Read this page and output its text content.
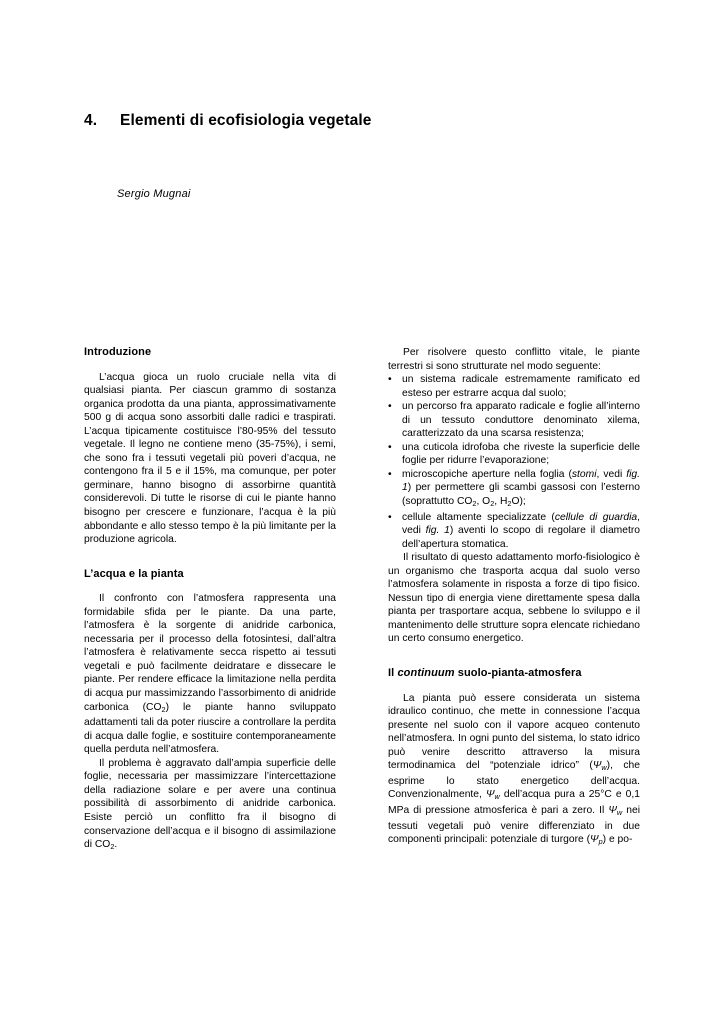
4. Elementi di ecofisiologia vegetale
Sergio Mugnai
Introduzione

L’acqua gioca un ruolo cruciale nella vita di qualsiasi pianta. Per ciascun grammo di sostanza organica prodotta da una pianta, approssimativamente 500 g di acqua sono assorbiti dalle radici e traspirati. L’acqua tipicamente costituisce l’80-95% del tessuto vegetale. Il legno ne contiene meno (35-75%), i semi, che sono fra i tessuti vegetali più poveri d’acqua, ne contengono fra il 5 e il 15%, ma comunque, per poter germinare, hanno bisogno di assorbirne quantità considerevoli. Di tutte le risorse di cui le piante hanno bisogno per crescere e funzionare, l’acqua è la più abbondante e allo stesso tempo è la più limitante per la produzione agricola.

L’acqua e la pianta

Il confronto con l’atmosfera rappresenta una formidabile sfida per le piante. Da una parte, l’atmosfera è la sorgente di anidride carbonica, necessaria per il processo della fotosintesi, dall’altra l’atmosfera è relativamente secca rispetto ai tessuti vegetali e può facilmente deidratare e dissecare le piante. Per rendere efficace la limitazione nella perdita di acqua pur massimizzando l’assorbimento di anidride carbonica $(CO_2)$ le piante hanno sviluppato adattamenti tali da poter riuscire a controllare la perdita di acqua dalle foglie, e sostituire contemporaneamente quella perduta nell’atmosfera.

Il problema è aggravato dall’ampia superficie delle foglie, necessaria per massimizzare l’intercettazione della radiazione solare e per avere una continua possibilità di assorbimento di anidride carbonica. Esiste perciò un conflitto fra il bisogno di conservazione dell’acqua e il bisogno di assimilazione di $CO_2$.

Per risolvere questo conflitto vitale, le piante terrestri si sono strutturate nel modo seguente:

• un sistema radicale estremamente ramificato ed esteso per estrarre acqua dal suolo;
• un percorso fra apparato radicale e foglie all’interno di un tessuto conduttore denominato xilema, caratterizzato da una scarsa resistenza;
• una cuticola idrofoba che riveste la superficie delle foglie per ridurre l’evaporazione;
• microscopiche aperture nella foglia (stomi, vedi fig. 1) per permettere gli scambi gassosi con l’esterno (soprattutto $CO_2$, $O_2$, $H_2O$);
• cellule altamente specializzate (cellule di guardia, vedi fig. 1) aventi lo scopo di regolare il diametro dell’apertura stomatica.

Il risultato di questo adattamento morfo-fisiologico è un organismo che trasporta acqua dal suolo verso l’atmosfera solamente in risposta a forze di tipo fisico. Nessun tipo di energia viene direttamente spesa dalla pianta per trasportare acqua, sebbene lo sviluppo e il mantenimento delle strutture sopra elencate richiedano un certo consumo energetico.

Il continuum suolo-pianta-atmosfera

La pianta può essere considerata un sistema idraulico continuo, che mette in connessione l’acqua presente nel suolo con il vapore acqueo contenuto nell’atmosfera. In ogni punto del sistema, lo stato idrico può venire descritto attraverso la misura termodinamica del “potenziale idrico” $(\Psi_w)$, che esprime lo stato energetico dell’acqua. Convenzionalmente, $\Psi_w$ dell’acqua pura a 25°C e 0,1 MPa di pressione atmosferica è pari a zero. Il $\Psi_w$ nei tessuti vegetali può venire differenziato in due componenti principali: potenziale di turgore $(\Psi_p)$ e po-
